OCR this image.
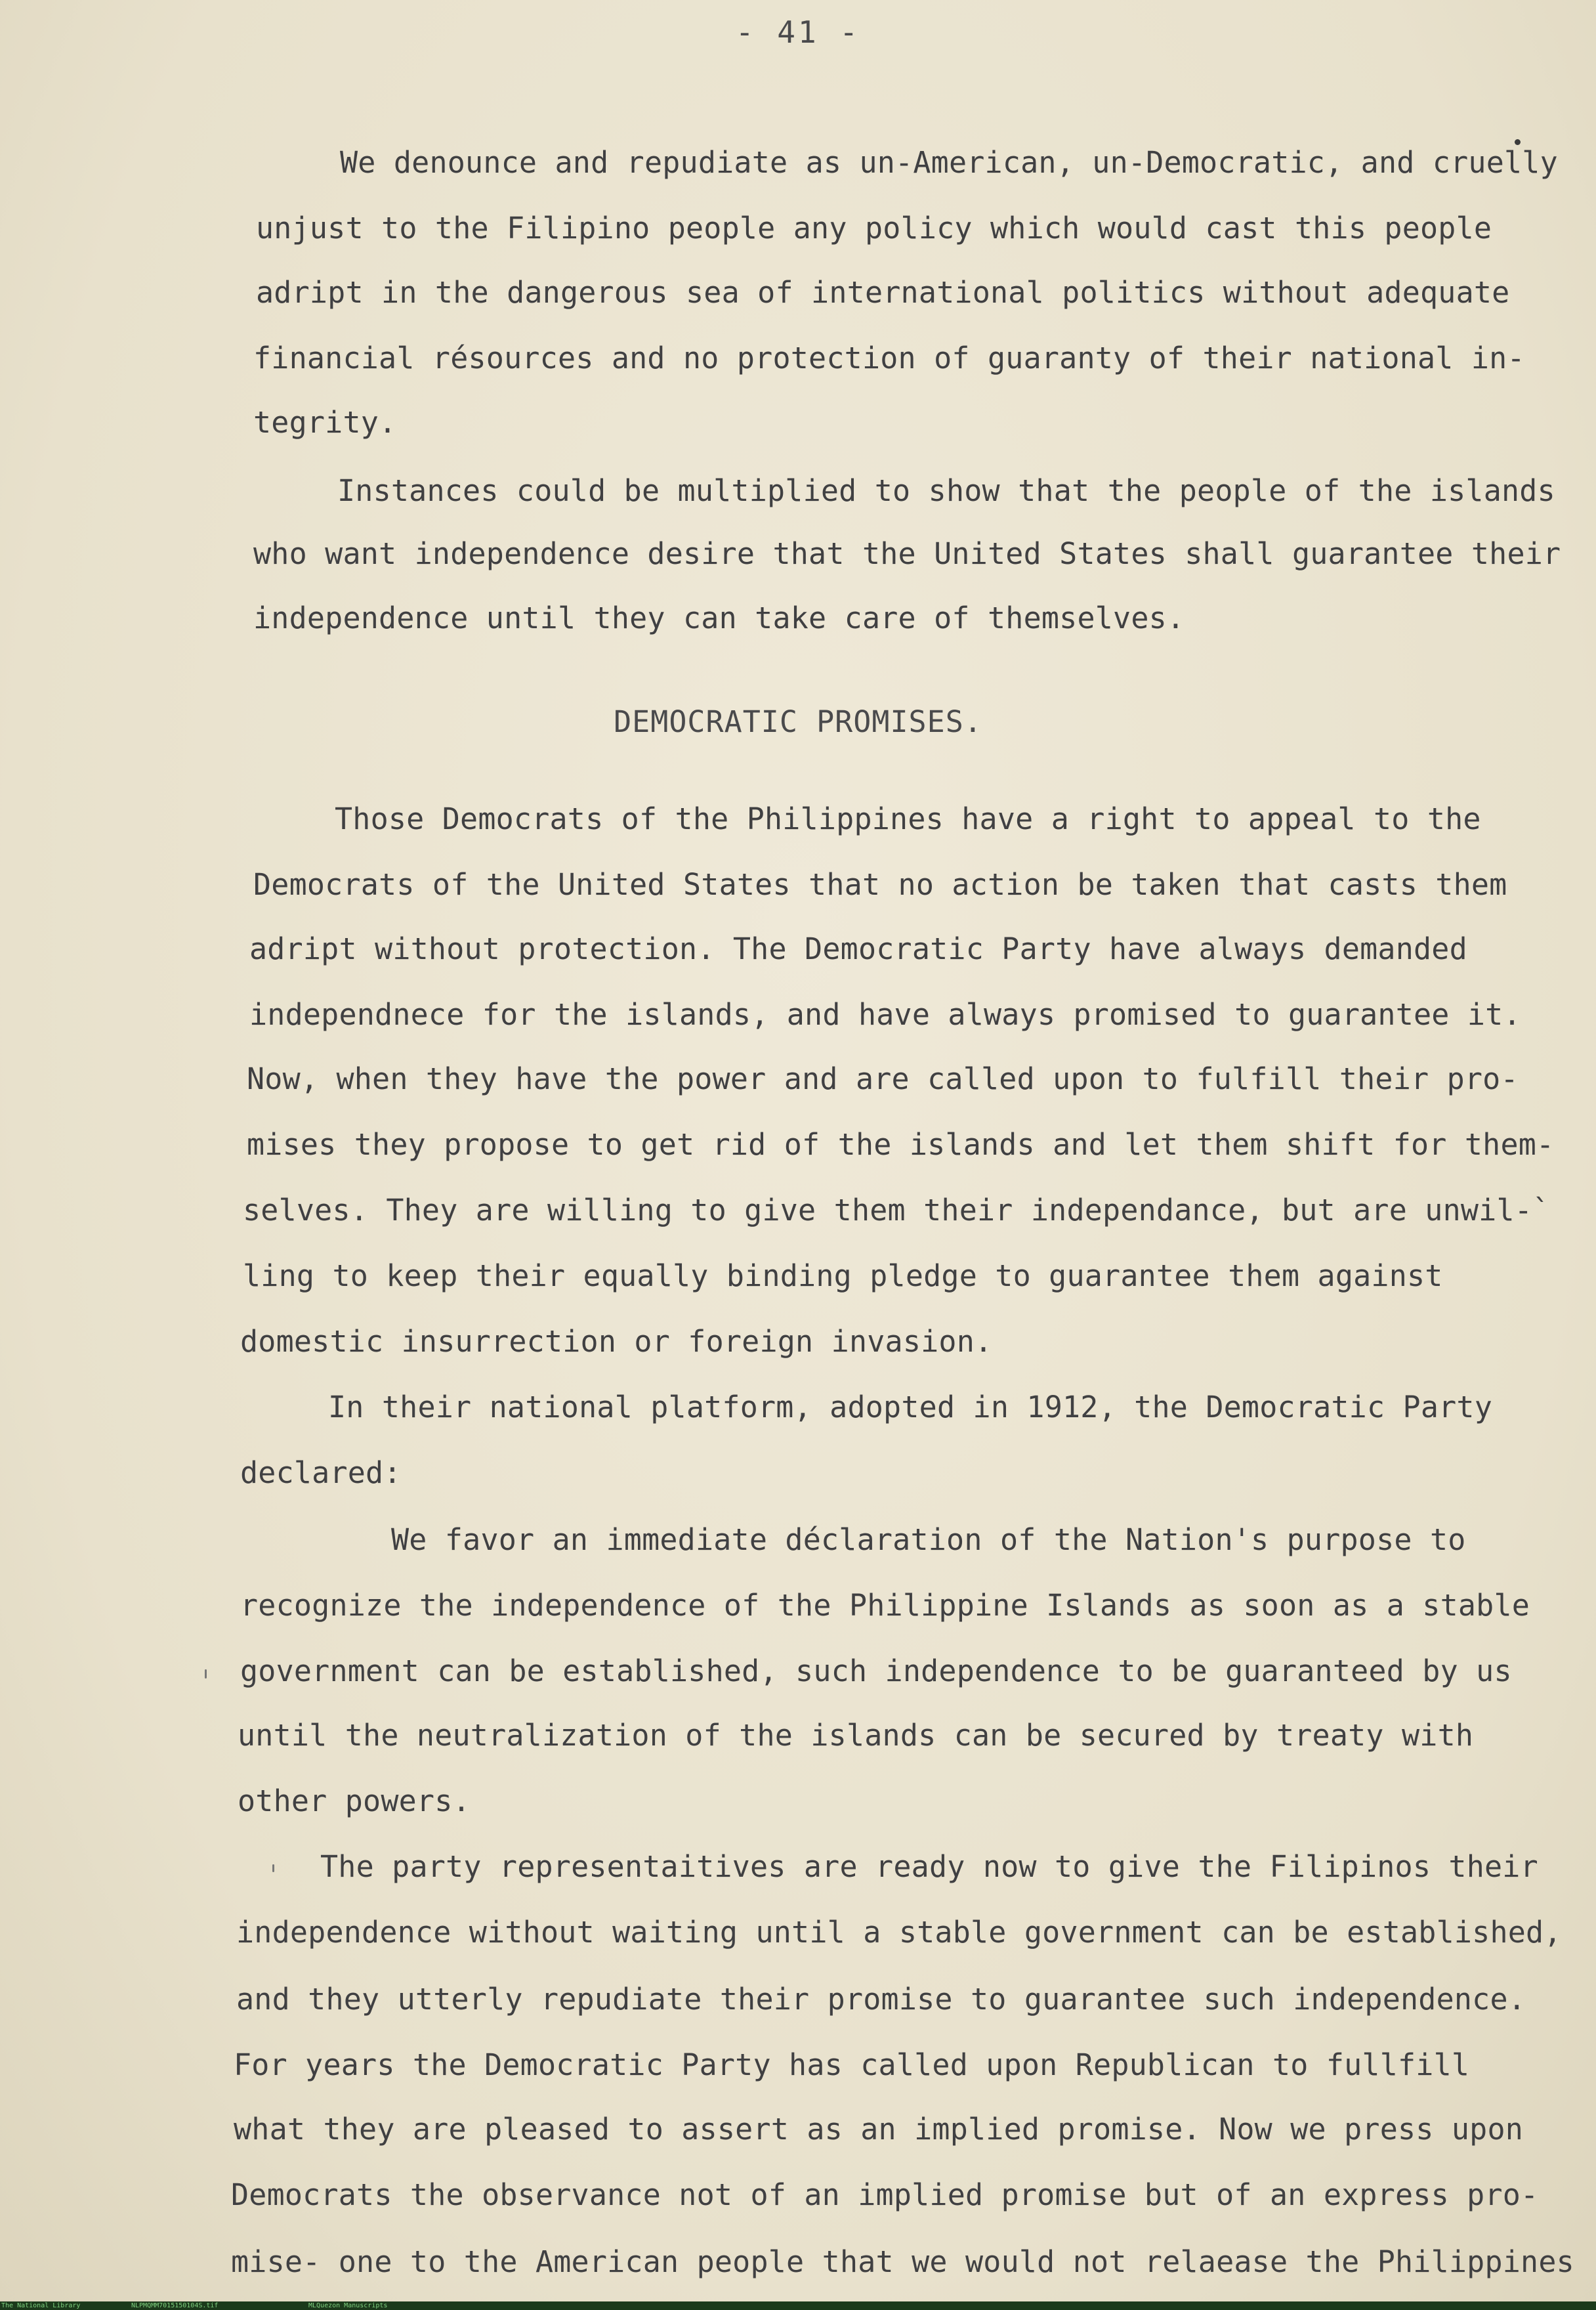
- 41 -
We denounce and repudiate as un-American, un-Democratic, and cruelly
unjust to the Filipino people any policy which would cast this people
adript in the dangerous sea of international politics without adequate
financial résources and no protection of guaranty of their national in-
tegrity.
Instances could be multiplied to show that the people of the islands
who want independence desire that the United States shall guarantee their
independence until they can take care of themselves.
DEMOCRATIC PROMISES.
Those Democrats of the Philippines have a right to appeal to the
Democrats of the United States that no action be taken that casts them
adript without protection. The Democratic Party have always demanded
independnece for the islands, and have always promised to guarantee it.
Now, when they have the power and are called upon to fulfill their pro-
mises they propose to get rid of the islands and let them shift for them-
selves. They are willing to give them their independance, but are unwil-`
ling to keep their equally binding pledge to guarantee them against
domestic insurrection or foreign invasion.
In their national platform, adopted in 1912, the Democratic Party
declared:
We favor an immediate déclaration of the Nation's purpose to
recognize the independence of the Philippine Islands as soon as a stable
government can be established, such independence to be guaranteed by us
until the neutralization of the islands can be secured by treaty with
other powers.
The party representaitives are ready now to give the Filipinos their
independence without waiting until a stable government can be established,
and they utterly repudiate their promise to guarantee such independence.
For years the Democratic Party has called upon Republican to fullfill
what they are pleased to assert as an implied promise. Now we press upon
Democrats the observance not of an implied promise but of an express pro-
mise- one to the American people that we would not relaease the Philippines
The National Library	NLPMQMM7015150104S.tif	MLQuezon Manuscripts
